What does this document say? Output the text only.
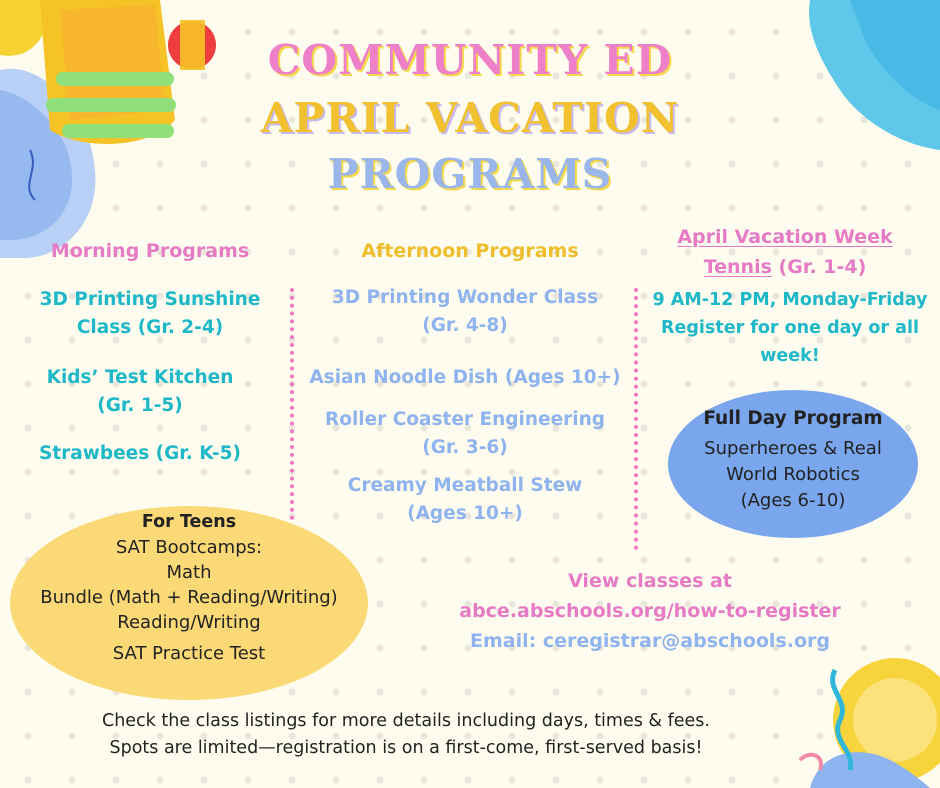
COMMUNITY ED
APRIL VACATION
PROGRAMS
Morning Programs
3D Printing Sunshine
Class (Gr. 2-4)
Kids’ Test Kitchen
(Gr. 1-5)
Strawbees (Gr. K-5)
Afternoon Programs
3D Printing Wonder Class
(Gr. 4-8)
Asian Noodle Dish (Ages 10+)
Roller Coaster Engineering
(Gr. 3-6)
Creamy Meatball Stew
(Ages 10+)
April Vacation Week
Tennis (Gr. 1-4)
9 AM-12 PM, Monday-Friday
Register for one day or all
week!
Full Day Program
Superheroes & Real
World Robotics
(Ages 6-10)
For Teens
SAT Bootcamps:
Math
Bundle (Math + Reading/Writing)
Reading/Writing
SAT Practice Test
View classes at
abce.abschools.org/how-to-register
Email: ceregistrar@abschools.org
Check the class listings for more details including days, times & fees.
Spots are limited—registration is on a first-come, first-served basis!
